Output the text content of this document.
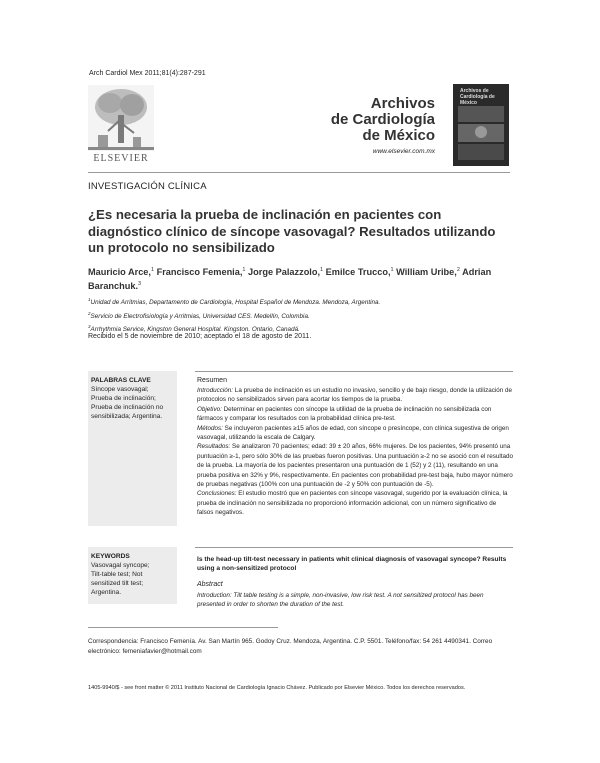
Arch Cardiol Mex 2011;81(4):287-291
ELSEVIER
Archivos
de Cardiología
de México
www.elsevier.com.mx
Archivos de Cardiología de México
INVESTIGACIÓN CLÍNICA
¿Es necesaria la prueba de inclinación en pacientes con diagnóstico clínico de síncope vasovagal? Resultados utilizando un protocolo no sensibilizado
Mauricio Arce,$^1$ Francisco Femenia,$^1$ Jorge Palazzolo,$^1$ Emilce Trucco,$^1$ William Uribe,$^2$ Adrian Baranchuk.$^3$
$^1$Unidad de Arritmias, Departamento de Cardiología, Hospital Español de Mendoza. Mendoza, Argentina.
$^2$Servicio de Electrofisiología y Arritmias, Universidad CES. Medellín, Colombia.
$^3$Arrhythmia Service, Kingston General Hospital. Kingston. Ontario, Canadá.
Recibido el 5 de noviembre de 2010; aceptado el 18 de agosto de 2011.
PALABRAS CLAVE
Síncope vasovagal;
Prueba de inclinación;
Prueba de inclinación no
sensibilizada; Argentina.
Resumen
Introducción: La prueba de inclinación es un estudio no invasivo, sencillo y de bajo riesgo, donde la utilización de protocolos no sensibilizados sirven para acortar los tiempos de la prueba.
Objetivo: Determinar en pacientes con síncope la utilidad de la prueba de inclinación no sensibilizada con fármacos y comparar los resultados con la probabilidad clínica pre-test.
Métodos: Se incluyeron pacientes ≥15 años de edad, con síncope o presíncope, con clínica sugestiva de origen vasovagal, utilizando la escala de Calgary.
Resultados: Se analizaron 70 pacientes; edad: 39 ± 20 años, 66% mujeres. De los pacientes, 94% presentó una puntuación ≥-1, pero sólo 30% de las pruebas fueron positivas. Una puntuación ≥-2 no se asoció con el resultado de la prueba. La mayoría de los pacientes presentaron una puntuación de 1 (52) y 2 (11), resultando en una prueba positiva en 32% y 9%, respectivamente. En pacientes con probabilidad pre-test baja, hubo mayor número de pruebas negativas (100% con una puntuación de -2 y 50% con puntuación de -5).
Conclusiones: El estudio mostró que en pacientes con síncope vasovagal, sugerido por la evaluación clínica, la prueba de inclinación no sensibilizada no proporcionó información adicional, con un número significativo de falsos negativos.
KEYWORDS
Vasovagal syncope;
Tilt-table test; Not
sensitized tilt test;
Argentina.
Is the head-up tilt-test necessary in patients whit clinical diagnosis of vasovagal syncope? Results using a non-sensitized protocol
Abstract
Introduction: Tilt table testing is a simple, non-invasive, low risk test. A not sensitized protocol has been presented in order to shorten the duration of the test.
Correspondencia: Francisco Femenía. Av. San Martín 965. Godoy Cruz. Mendoza, Argentina. C.P. 5501. Teléfono/fax: 54 261 4490341. Correo electrónico: femeniafavier@hotmail.com
1405-9940/$ - see front matter © 2011 Instituto Nacional de Cardiología Ignacio Chávez. Publicado por Elsevier México. Todos los derechos reservados.
